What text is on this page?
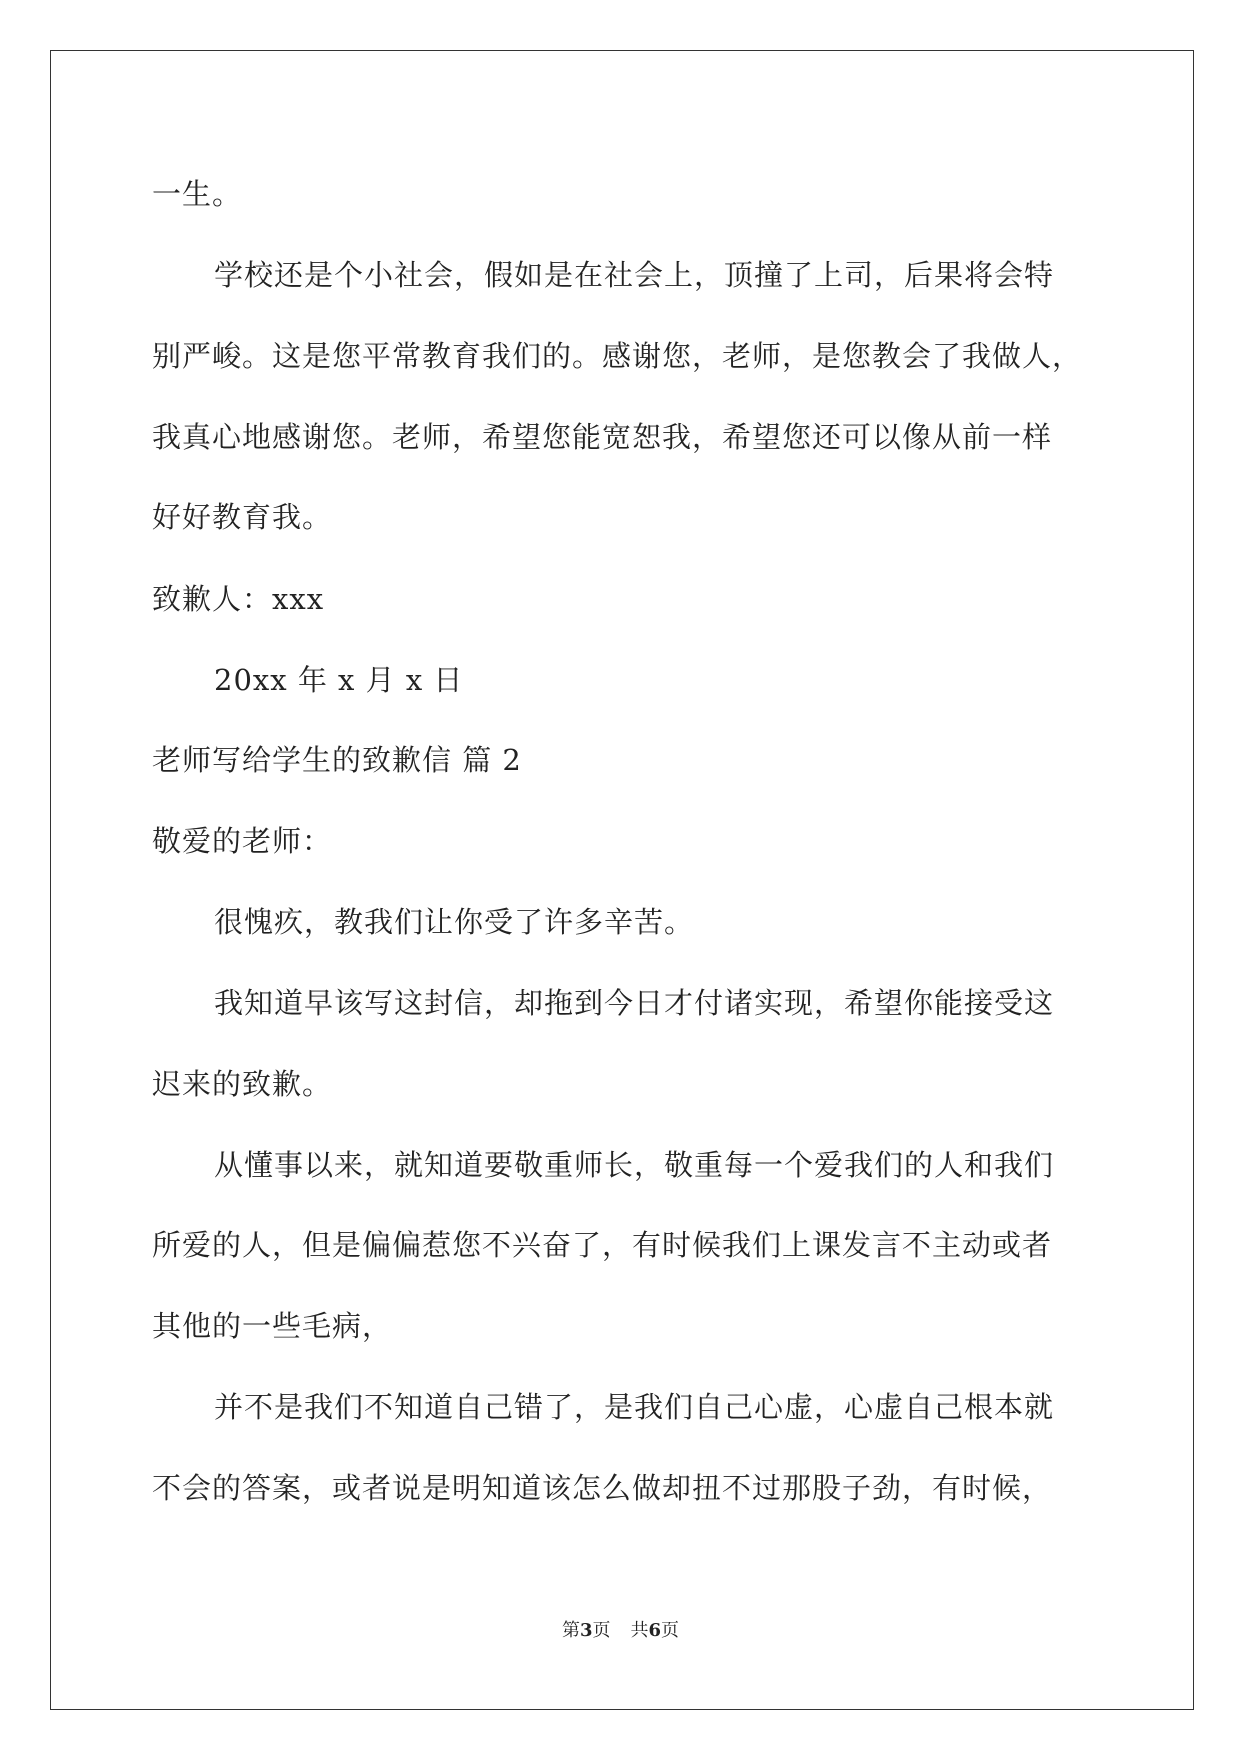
一生。
学校还是个小社会，假如是在社会上，顶撞了上司，后果将会特
别严峻。这是您平常教育我们的。感谢您，老师，是您教会了我做人，
我真心地感谢您。老师，希望您能宽恕我，希望您还可以像从前一样
好好教育我。
致歉人：xxx
20xx 年 x 月 x 日
老师写给学生的致歉信 篇 2
敬爱的老师：
很愧疚，教我们让你受了许多辛苦。
我知道早该写这封信，却拖到今日才付诸实现，希望你能接受这
迟来的致歉。
从懂事以来，就知道要敬重师长，敬重每一个爱我们的人和我们
所爱的人，但是偏偏惹您不兴奋了，有时候我们上课发言不主动或者
其他的一些毛病，
并不是我们不知道自己错了，是我们自己心虚，心虚自己根本就
不会的答案，或者说是明知道该怎么做却扭不过那股子劲，有时候，
第3页 共6页
